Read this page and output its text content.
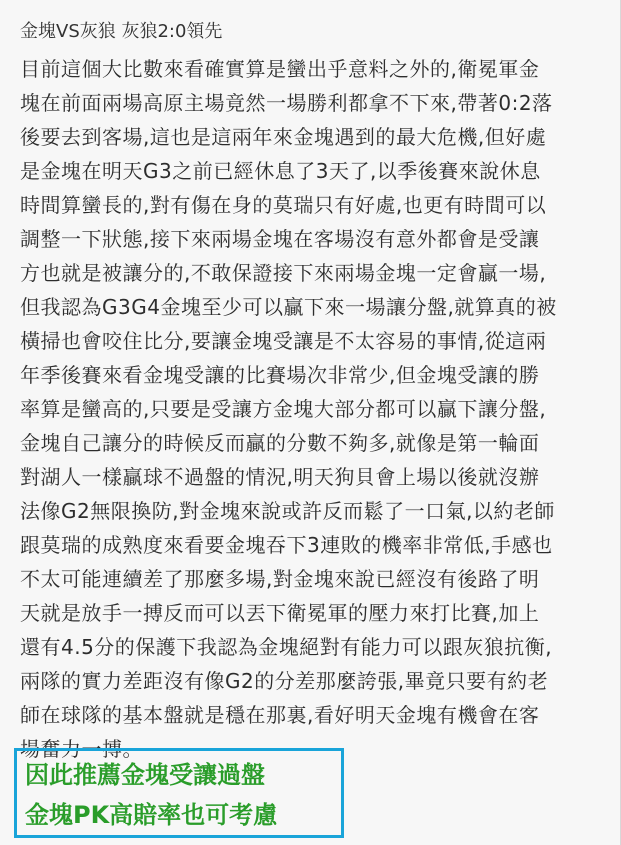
金塊VS灰狼 灰狼2:0領先
目前這個大比數來看確實算是蠻出乎意料之外的,衛冕軍金
塊在前面兩場高原主場竟然一場勝利都拿不下來,帶著0:2落
後要去到客場,這也是這兩年來金塊遇到的最大危機,但好處
是金塊在明天G3之前已經休息了3天了,以季後賽來說休息
時間算蠻長的,對有傷在身的莫瑞只有好處,也更有時間可以
調整一下狀態,接下來兩場金塊在客場沒有意外都會是受讓
方也就是被讓分的,不敢保證接下來兩場金塊一定會贏一場,
但我認為G3G4金塊至少可以贏下來一場讓分盤,就算真的被
橫掃也會咬住比分,要讓金塊受讓是不太容易的事情,從這兩
年季後賽來看金塊受讓的比賽場次非常少,但金塊受讓的勝
率算是蠻高的,只要是受讓方金塊大部分都可以贏下讓分盤,
金塊自己讓分的時候反而贏的分數不夠多,就像是第一輪面
對湖人一樣贏球不過盤的情況,明天狗貝會上場以後就沒辦
法像G2無限換防,對金塊來說或許反而鬆了一口氣,以約老師
跟莫瑞的成熟度來看要金塊吞下3連敗的機率非常低,手感也
不太可能連續差了那麼多場,對金塊來說已經沒有後路了明
天就是放手一搏反而可以丟下衛冕軍的壓力來打比賽,加上
還有4.5分的保護下我認為金塊絕對有能力可以跟灰狼抗衡,
兩隊的實力差距沒有像G2的分差那麼誇張,畢竟只要有約老
師在球隊的基本盤就是穩在那裏,看好明天金塊有機會在客
場奮力一搏。
因此推薦金塊受讓過盤
金塊PK高賠率也可考慮
